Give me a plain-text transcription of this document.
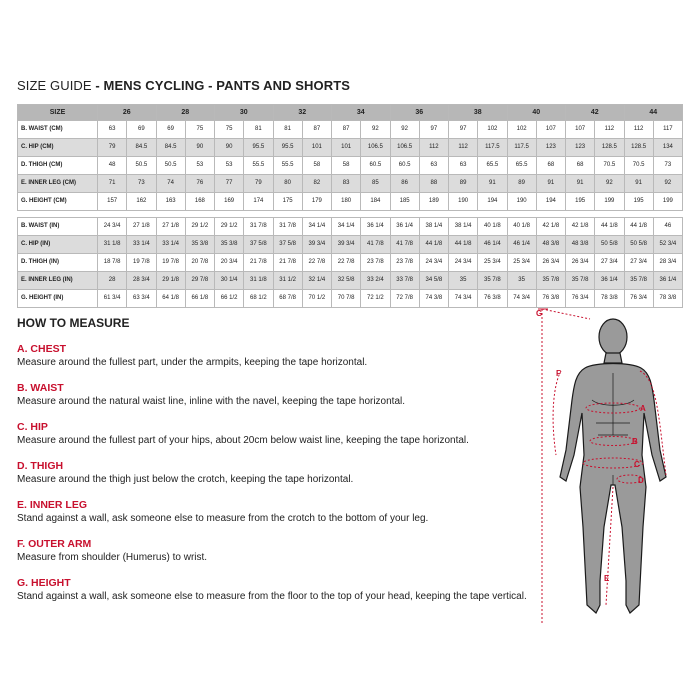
SIZE GUIDE - MENS CYCLING - PANTS AND SHORTS
SIZE	26		28		30		32		34		36		38		40		42		44	
B. WAIST (CM)	63	69	69	75	75	81	81	87	87	92	92	97	97	102	102	107	107	112	112	117
C. HIP (CM)	79	84.5	84.5	90	90	95.5	95.5	101	101	106.5	106.5	112	112	117.5	117.5	123	123	128.5	128.5	134
D. THIGH (CM)	48	50.5	50.5	53	53	55.5	55.5	58	58	60.5	60.5	63	63	65.5	65.5	68	68	70.5	70.5	73
E. INNER LEG (CM)	71	73	74	76	77	79	80	82	83	85	86	88	89	91	89	91	91	92	91	92
G. HEIGHT (CM)	157	162	163	168	169	174	175	179	180	184	185	189	190	194	190	194	195	199	195	199

B. WAIST (IN)	24 3/4	27 1/8	27 1/8	29 1/2	29 1/2	31 7/8	31 7/8	34 1/4	34 1/4	36 1/4	36 1/4	38 1/4	38 1/4	40 1/8	40 1/8	42 1/8	42 1/8	44 1/8	44 1/8	46
C. HIP (IN)	31 1/8	33 1/4	33 1/4	35 3/8	35 3/8	37 5/8	37 5/8	39 3/4	39 3/4	41 7/8	41 7/8	44 1/8	44 1/8	46 1/4	46 1/4	48 3/8	48 3/8	50 5/8	50 5/8	52 3/4
D. THIGH (IN)	18 7/8	19 7/8	19 7/8	20 7/8	20 3/4	21 7/8	21 7/8	22 7/8	22 7/8	23 7/8	23 7/8	24 3/4	24 3/4	25 3/4	25 3/4	26 3/4	26 3/4	27 3/4	27 3/4	28 3/4
E. INNER LEG (IN)	28	28 3/4	29 1/8	29 7/8	30 1/4	31 1/8	31 1/2	32 1/4	32 5/8	33 2/4	33 7/8	34 5/8	35	35 7/8	35	35 7/8	35 7/8	36 1/4	35 7/8	36 1/4
G. HEIGHT (IN)	61 3/4	63 3/4	64 1/8	66 1/8	66 1/2	68 1/2	68 7/8	70 1/2	70 7/8	72 1/2	72 7/8	74 3/8	74 3/4	76 3/8	74 3/4	76 3/8	76 3/4	78 3/8	76 3/4	78 3/8
HOW TO MEASURE
A. CHEST
Measure around the fullest part, under the armpits, keeping the tape horizontal.
B. WAIST
Measure around the natural waist line, inline with the navel, keeping the tape horizontal.
C. HIP
Measure around the fullest part of your hips, about 20cm below waist line, keeping the tape horizontal.
D. THIGH
Measure around the thigh just below the crotch, keeping the tape horizontal.
E. INNER LEG
Stand against a wall, ask someone else to measure from the crotch to the bottom of your leg.
F. OUTER ARM
Measure from shoulder (Humerus) to wrist.
G. HEIGHT
Stand against a wall, ask someone else to measure from the floor to the top of your head, keeping the tape vertical.
G
F
A
B
C
D
E
